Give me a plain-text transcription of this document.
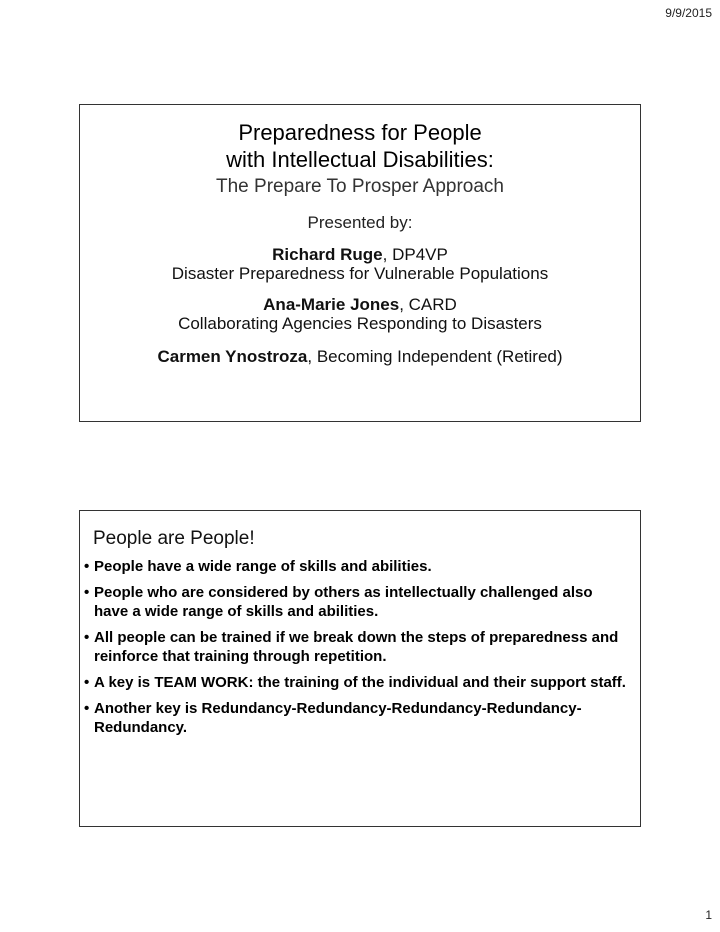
9/9/2015
Preparedness for People
with Intellectual Disabilities:
The Prepare To Prosper Approach
Presented by:
Richard Ruge, DP4VP
Disaster Preparedness for Vulnerable Populations
Ana-Marie Jones, CARD
Collaborating Agencies Responding to Disasters
Carmen Ynostroza, Becoming Independent (Retired)
People are People!
• People have a wide range of skills and abilities.
• People who are considered by others as intellectually challenged also have a wide range of skills and abilities.
• All people can be trained if we break down the steps of preparedness and reinforce that training through repetition.
• A key is TEAM WORK: the training of the individual and their support staff.
• Another key is Redundancy-Redundancy-Redundancy-Redundancy-Redundancy.
1
